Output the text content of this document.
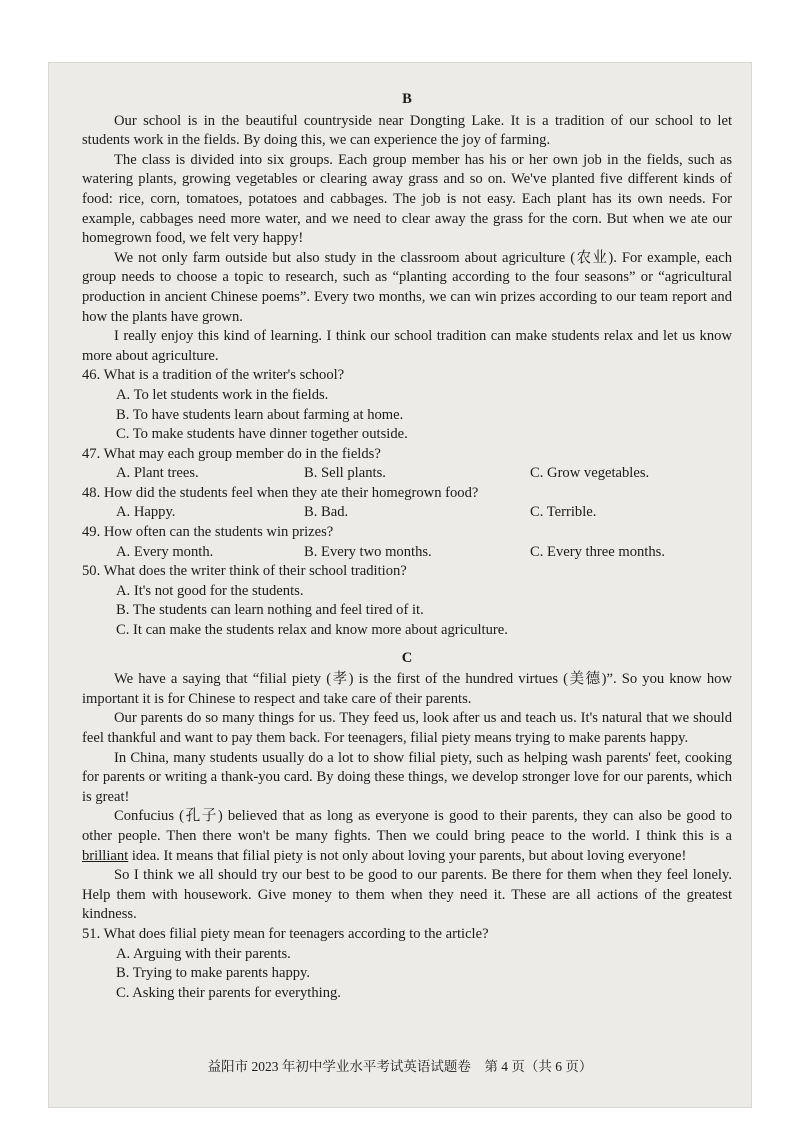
B

Our school is in the beautiful countryside near Dongting Lake. It is a tradition of our school to let students work in the fields. By doing this, we can experience the joy of farming.

The class is divided into six groups. Each group member has his or her own job in the fields, such as watering plants, growing vegetables or clearing away grass and so on. We've planted five different kinds of food: rice, corn, tomatoes, potatoes and cabbages. The job is not easy. Each plant has its own needs. For example, cabbages need more water, and we need to clear away the grass for the corn. But when we ate our homegrown food, we felt very happy!

We not only farm outside but also study in the classroom about agriculture (农业). For example, each group needs to choose a topic to research, such as “planting according to the four seasons” or “agricultural production in ancient Chinese poems”. Every two months, we can win prizes according to our team report and how the plants have grown.

I really enjoy this kind of learning. I think our school tradition can make students relax and let us know more about agriculture.

46. What is a tradition of the writer's school?

A. To let students work in the fields.

B. To have students learn about farming at home.

C. To make students have dinner together outside.

47. What may each group member do in the fields?

A. Plant trees.	B. Sell plants.	C. Grow vegetables.

48. How did the students feel when they ate their homegrown food?

A. Happy.	B. Bad.	C. Terrible.

49. How often can the students win prizes?

A. Every month.	B. Every two months.	C. Every three months.

50. What does the writer think of their school tradition?

A. It's not good for the students.

B. The students can learn nothing and feel tired of it.

C. It can make the students relax and know more about agriculture.

C

We have a saying that “filial piety (孝) is the first of the hundred virtues (美德)”. So you know how important it is for Chinese to respect and take care of their parents.

Our parents do so many things for us. They feed us, look after us and teach us. It's natural that we should feel thankful and want to pay them back. For teenagers, filial piety means trying to make parents happy.

In China, many students usually do a lot to show filial piety, such as helping wash parents' feet, cooking for parents or writing a thank-you card. By doing these things, we develop stronger love for our parents, which is great!

Confucius (孔子) believed that as long as everyone is good to their parents, they can also be good to other people. Then there won't be many fights. Then we could bring peace to the world. I think this is a brilliant idea. It means that filial piety is not only about loving your parents, but about loving everyone!

So I think we all should try our best to be good to our parents. Be there for them when they feel lonely. Help them with housework. Give money to them when they need it. These are all actions of the greatest kindness.

51. What does filial piety mean for teenagers according to the article?

A. Arguing with their parents.

B. Trying to make parents happy.

C. Asking their parents for everything.

益阳市 2023 年初中学业水平考试英语试题卷　第 4 页（共 6 页）
